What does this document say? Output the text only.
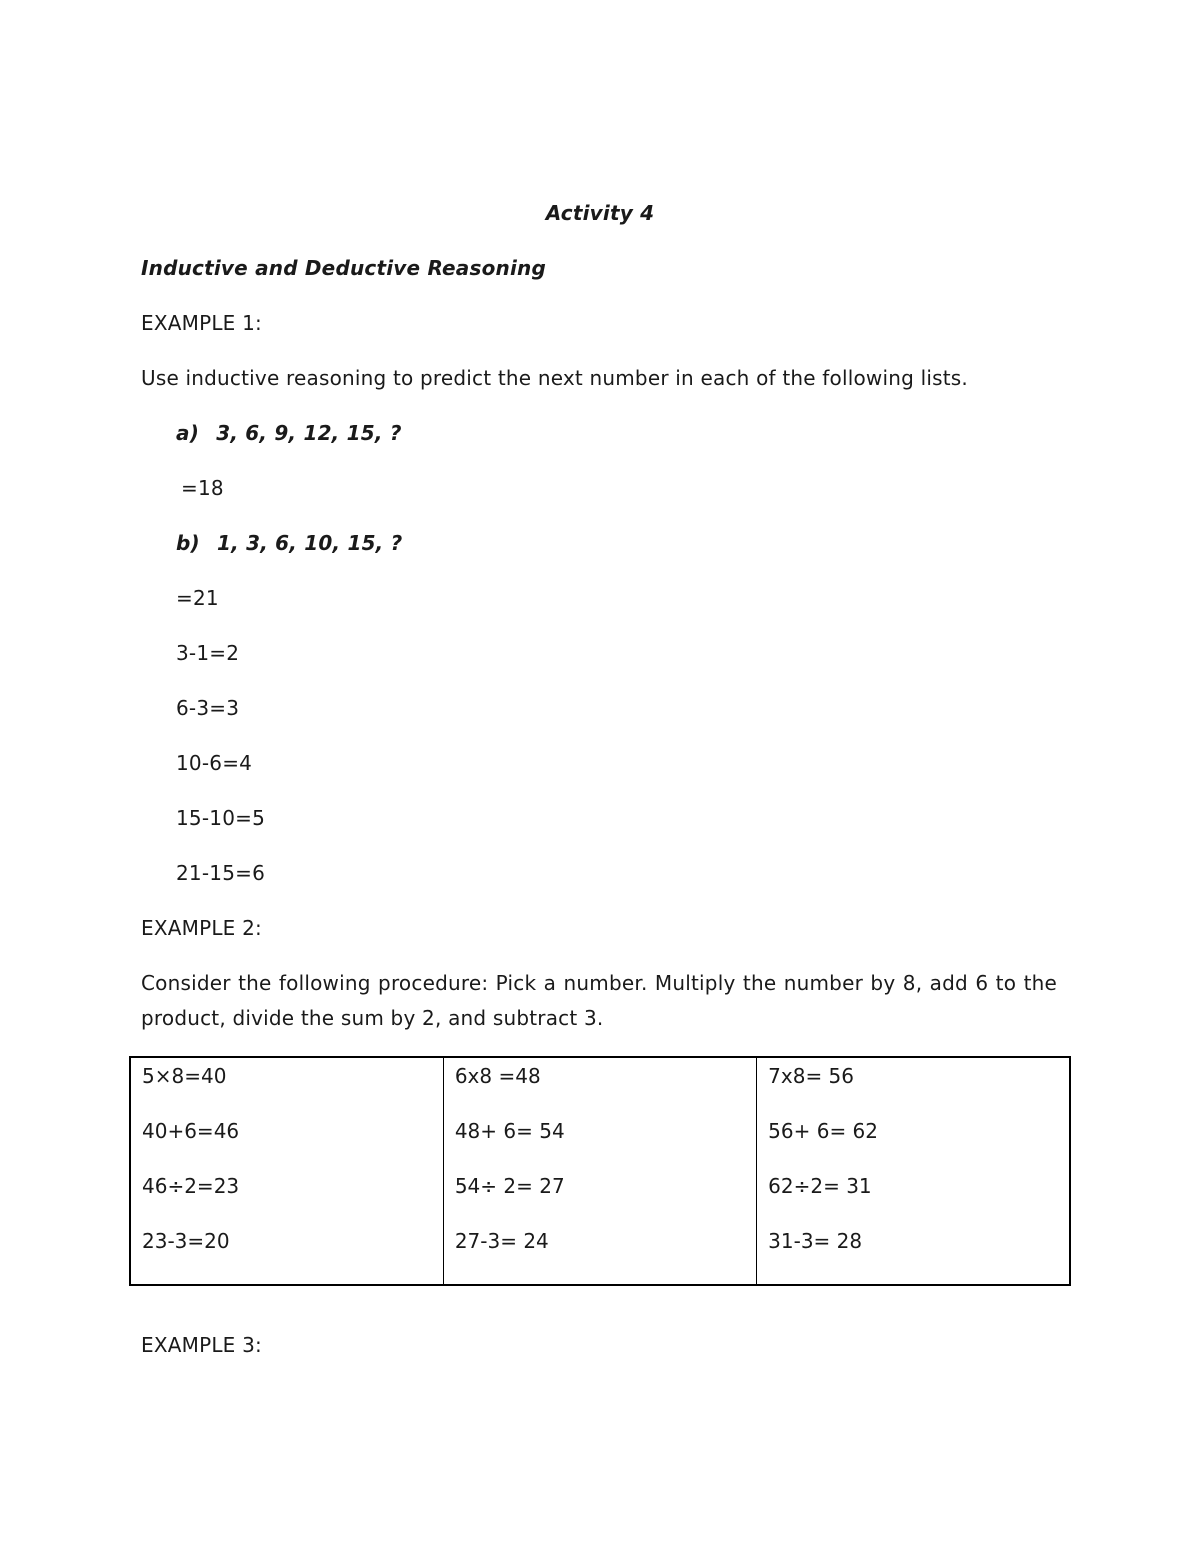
Activity 4
Inductive and Deductive Reasoning
EXAMPLE 1:
Use inductive reasoning to predict the next number in each of the following lists.
a) 3, 6, 9, 12, 15, ?
=18
b) 1, 3, 6, 10, 15, ?
=21
3-1=2
6-3=3
10-6=4
15-10=5
21-15=6
EXAMPLE 2:
Consider the following procedure: Pick a number. Multiply the number by 8, add 6 to the product, divide the sum by 2, and subtract 3.
5×8=40
40+6=46
46÷2=23
23-3=20

6x8 =48
48+ 6= 54
54÷ 2= 27
27-3= 24

7x8= 56
56+ 6= 62
62÷2= 31
31-3= 28
EXAMPLE 3:
